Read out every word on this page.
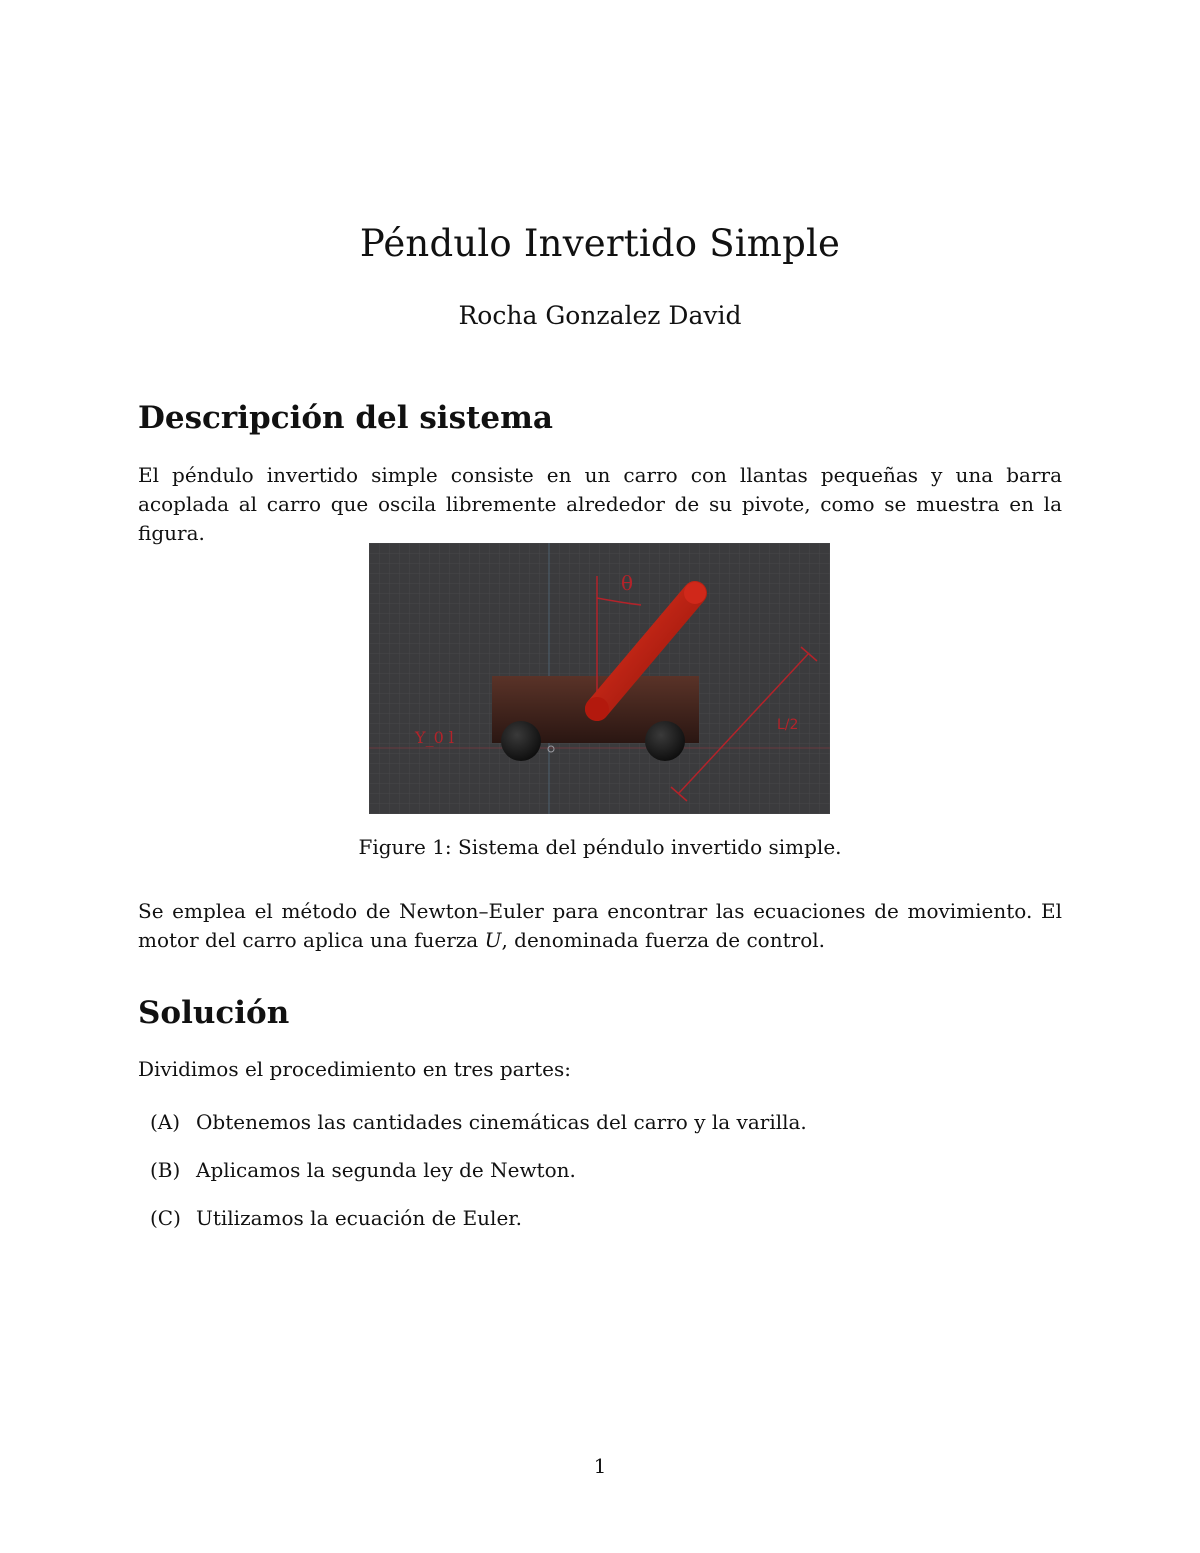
Péndulo Invertido Simple
Rocha Gonzalez David
Descripción del sistema

El péndulo invertido simple consiste en un carro con llantas pequeñas y una barra acoplada al carro que oscila libremente alrededor de su pivote, como se muestra en la figura.

θ
L/2
Y_0 l
Figure 1: Sistema del péndulo invertido simple.

Se emplea el método de Newton–Euler para encontrar las ecuaciones de movimiento. El motor del carro aplica una fuerza U, denominada fuerza de control.

Solución

Dividimos el procedimiento en tres partes:

(A) Obtenemos las cantidades cinemáticas del carro y la varilla.
(B) Aplicamos la segunda ley de Newton.
(C) Utilizamos la ecuación de Euler.
1
